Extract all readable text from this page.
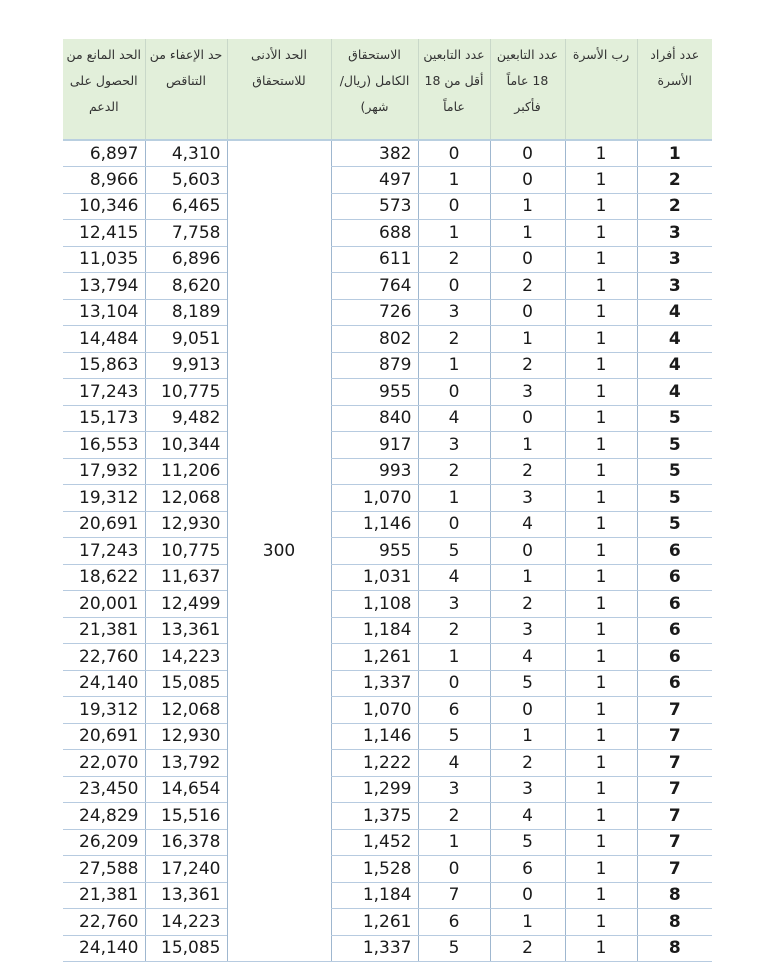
عدد أفراد الأسرة	رب الأسرة	عدد التابعين 18 عاماً فأكبر	عدد التابعين أقل من 18 عاماً	الاستحقاق الكامل (ريال/شهر)	الحد الأدنى للاستحقاق	حد الإعفاء من التناقص	الحد المانع من الحصول على الدعم
1	1	0	0	382	300	4,310	6,897
2	1	0	1	497		5,603	8,966
2	1	1	0	573		6,465	10,346
3	1	1	1	688		7,758	12,415
3	1	0	2	611		6,896	11,035
3	1	2	0	764		8,620	13,794
4	1	0	3	726		8,189	13,104
4	1	1	2	802		9,051	14,484
4	1	2	1	879		9,913	15,863
4	1	3	0	955		10,775	17,243
5	1	0	4	840		9,482	15,173
5	1	1	3	917		10,344	16,553
5	1	2	2	993		11,206	17,932
5	1	3	1	1,070		12,068	19,312
5	1	4	0	1,146		12,930	20,691
6	1	0	5	955		10,775	17,243
6	1	1	4	1,031		11,637	18,622
6	1	2	3	1,108		12,499	20,001
6	1	3	2	1,184		13,361	21,381
6	1	4	1	1,261		14,223	22,760
6	1	5	0	1,337		15,085	24,140
7	1	0	6	1,070		12,068	19,312
7	1	1	5	1,146		12,930	20,691
7	1	2	4	1,222		13,792	22,070
7	1	3	3	1,299		14,654	23,450
7	1	4	2	1,375		15,516	24,829
7	1	5	1	1,452		16,378	26,209
7	1	6	0	1,528		17,240	27,588
8	1	0	7	1,184		13,361	21,381
8	1	1	6	1,261		14,223	22,760
8	1	2	5	1,337		15,085	24,140
